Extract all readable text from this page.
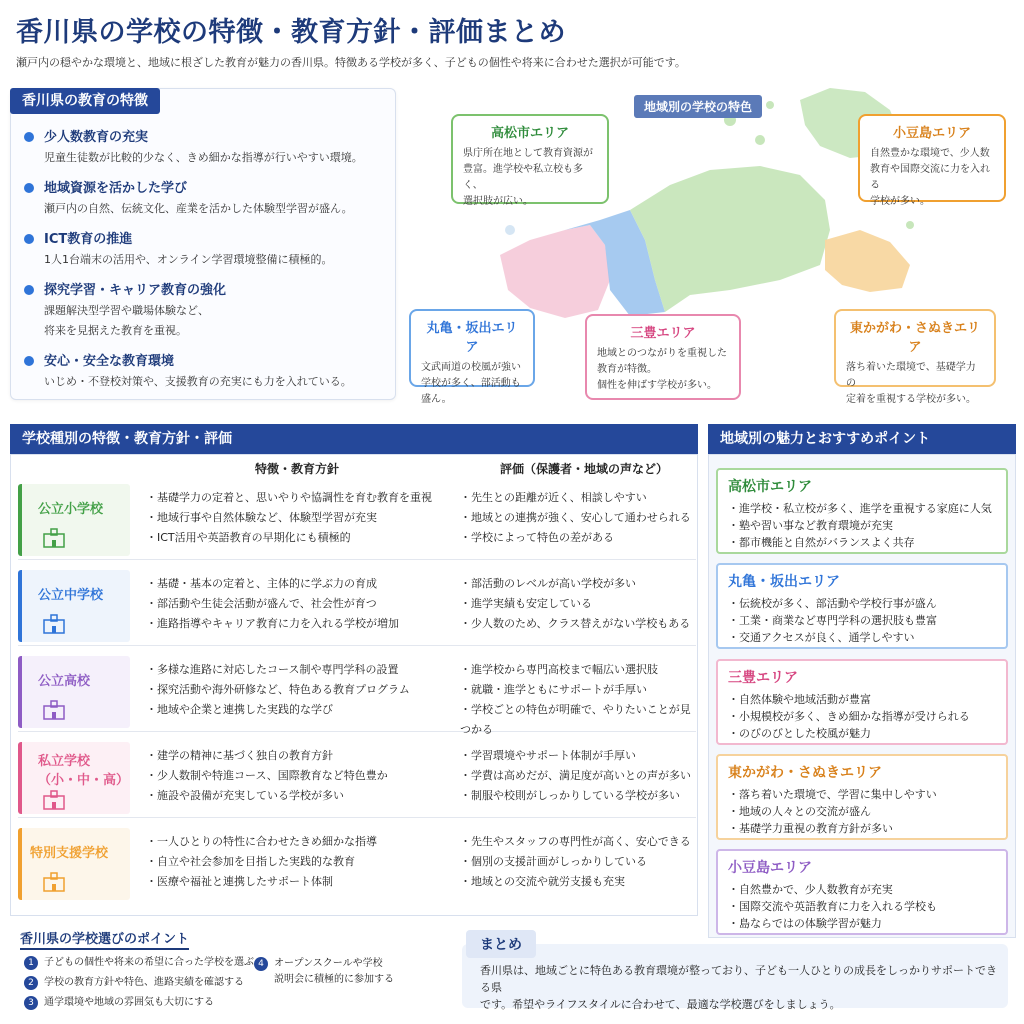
香川県の学校の特徴・教育方針・評価まとめ
瀬戸内の穏やかな環境と、地域に根ざした教育が魅力の香川県。特徴ある学校が多く、子どもの個性や将来に合わせた選択が可能です。
香川県の教育の特徴
少人数教育の充実
児童生徒数が比較的少なく、きめ細かな指導が行いやすい環境。
地域資源を活かした学び
瀬戸内の自然、伝統文化、産業を活かした体験型学習が盛ん。
ICT教育の推進
1人1台端末の活用や、オンライン学習環境整備に積極的。
探究学習・キャリア教育の強化
課題解決型学習や職場体験など、
将来を見据えた教育を重視。
安心・安全な教育環境
いじめ・不登校対策や、支援教育の充実にも力を入れている。
地域別の学校の特色
高松市エリア
県庁所在地として教育資源が
豊富。進学校や私立校も多く、
選択肢が広い。
小豆島エリア
自然豊かな環境で、少人数
教育や国際交流に力を入れる
学校が多い。
丸亀・坂出エリア
文武両道の校風が強い
学校が多く、部活動も盛ん。
三豊エリア
地域とのつながりを重視した
教育が特徴。
個性を伸ばす学校が多い。
東かがわ・さぬきエリア
落ち着いた環境で、基礎学力の
定着を重視する学校が多い。
学校種別の特徴・教育方針・評価
特徴・教育方針	評価（保護者・地域の声など）
公立小学校
・基礎学力の定着と、思いやりや協調性を育む教育を重視
・地域行事や自然体験など、体験型学習が充実
・ICT活用や英語教育の早期化にも積極的
・先生との距離が近く、相談しやすい
・地域との連携が強く、安心して通わせられる
・学校によって特色の差がある
公立中学校
・基礎・基本の定着と、主体的に学ぶ力の育成
・部活動や生徒会活動が盛んで、社会性が育つ
・進路指導やキャリア教育に力を入れる学校が増加
・部活動のレベルが高い学校が多い
・進学実績も安定している
・少人数のため、クラス替えがない学校もある
公立高校
・多様な進路に対応したコース制や専門学科の設置
・探究活動や海外研修など、特色ある教育プログラム
・地域や企業と連携した実践的な学び
・進学校から専門高校まで幅広い選択肢
・就職・進学ともにサポートが手厚い
・学校ごとの特色が明確で、やりたいことが見つかる
私立学校
（小・中・高）
・建学の精神に基づく独自の教育方針
・少人数制や特進コース、国際教育など特色豊か
・施設や設備が充実している学校が多い
・学習環境やサポート体制が手厚い
・学費は高めだが、満足度が高いとの声が多い
・制服や校則がしっかりしている学校が多い
特別支援学校
・一人ひとりの特性に合わせたきめ細かな指導
・自立や社会参加を目指した実践的な教育
・医療や福祉と連携したサポート体制
・先生やスタッフの専門性が高く、安心できる
・個別の支援計画がしっかりしている
・地域との交流や就労支援も充実
地域別の魅力とおすすめポイント
高松市エリア
・進学校・私立校が多く、進学を重視する家庭に人気
・塾や習い事など教育環境が充実
・都市機能と自然がバランスよく共存
丸亀・坂出エリア
・伝統校が多く、部活動や学校行事が盛ん
・工業・商業など専門学科の選択肢も豊富
・交通アクセスが良く、通学しやすい
三豊エリア
・自然体験や地域活動が豊富
・小規模校が多く、きめ細かな指導が受けられる
・のびのびとした校風が魅力
東かがわ・さぬきエリア
・落ち着いた環境で、学習に集中しやすい
・地域の人々との交流が盛ん
・基礎学力重視の教育方針が多い
小豆島エリア
・自然豊かで、少人数教育が充実
・国際交流や英語教育に力を入れる学校も
・島ならではの体験学習が魅力
香川県の学校選びのポイント
1 子どもの個性や将来の希望に合った学校を選ぶ
2 学校の教育方針や特色、進路実績を確認する
3 通学環境や地域の雰囲気も大切にする
4 オープンスクールや学校
説明会に積極的に参加する
まとめ
香川県は、地域ごとに特色ある教育環境が整っており、子ども一人ひとりの成長をしっかりサポートできる県
です。希望やライフスタイルに合わせて、最適な学校選びをしましょう。
